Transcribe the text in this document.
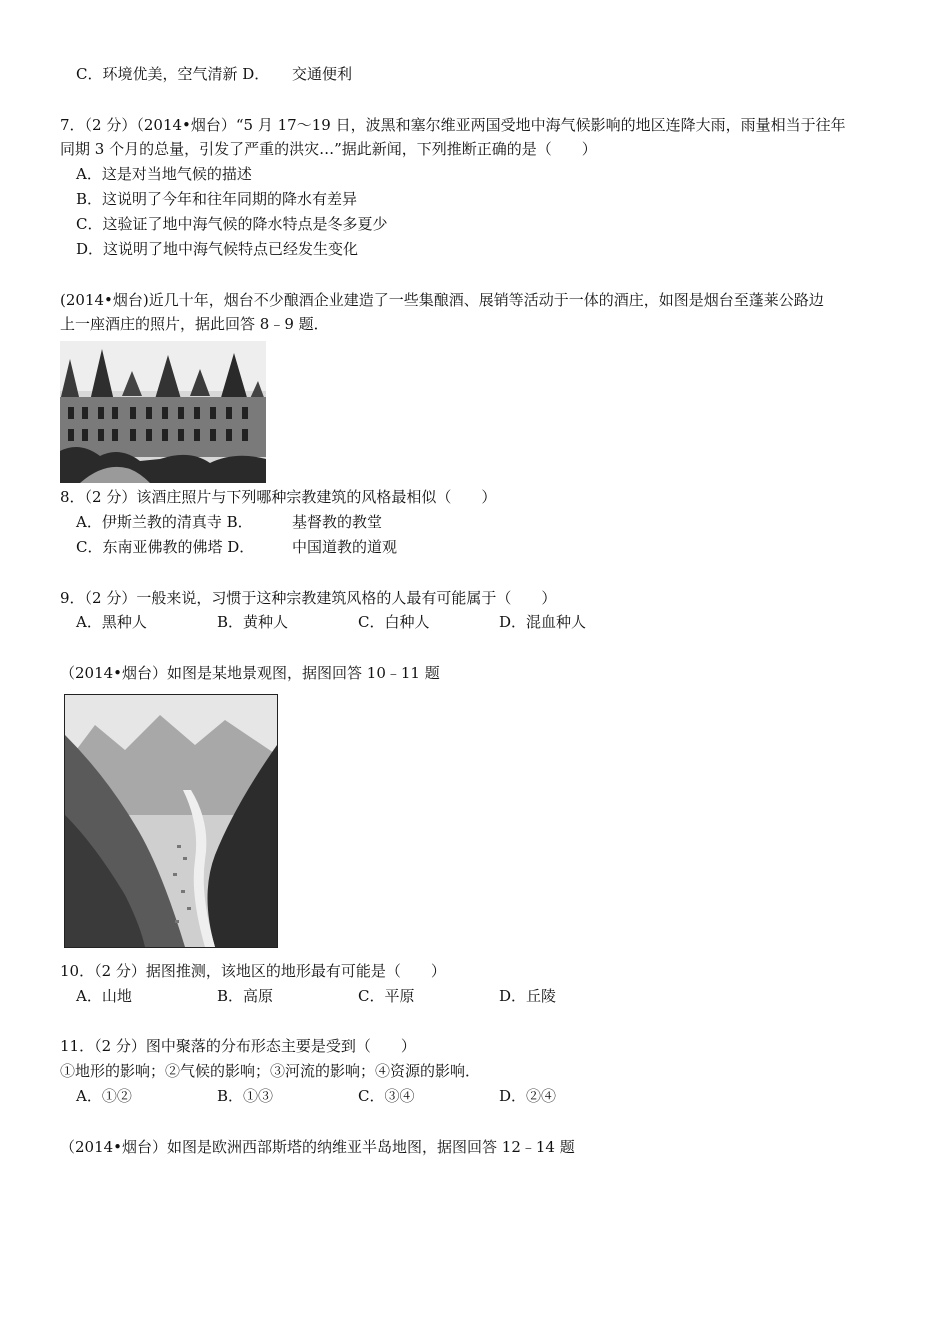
C．环境优美，空气清新 D． 交通便利
7．（2 分）（2014•烟台）“5 月 17～19 日，波黑和塞尔维亚两国受地中海气候影响的地区连降大雨，雨量相当于往年
同期 3 个月的总量，引发了严重的洪灾…”据此新闻，下列推断正确的是（　　）
A．这是对当地气候的描述
B．这说明了今年和往年同期的降水有差异
C．这验证了地中海气候的降水特点是冬多夏少
D．这说明了地中海气候特点已经发生变化
(2014•烟台)近几十年，烟台不少酿酒企业建造了一些集酿酒、展销等活动于一体的酒庄，如图是烟台至蓬莱公路边
上一座酒庄的照片，据此回答 8﹣9 题．
8．（2 分）该酒庄照片与下列哪种宗教建筑的风格最相似（　　）
A．伊斯兰教的清真寺 B．	基督教的教堂
C．东南亚佛教的佛塔 D．	中国道教的道观
9．（2 分）一般来说，习惯于这种宗教建筑风格的人最有可能属于（　　）
A．黑种人	B．黄种人	C．白种人	D．混血种人
（2014•烟台）如图是某地景观图，据图回答 10﹣11 题
10．（2 分）据图推测，该地区的地形最有可能是（　　）
A．山地	B．高原	C．平原	D．丘陵
11．（2 分）图中聚落的分布形态主要是受到（　　）
①地形的影响；②气候的影响；③河流的影响；④资源的影响．
A．①②	B．①③	C．③④	D．②④
（2014•烟台）如图是欧洲西部斯塔的纳维亚半岛地图，据图回答 12﹣14 题
